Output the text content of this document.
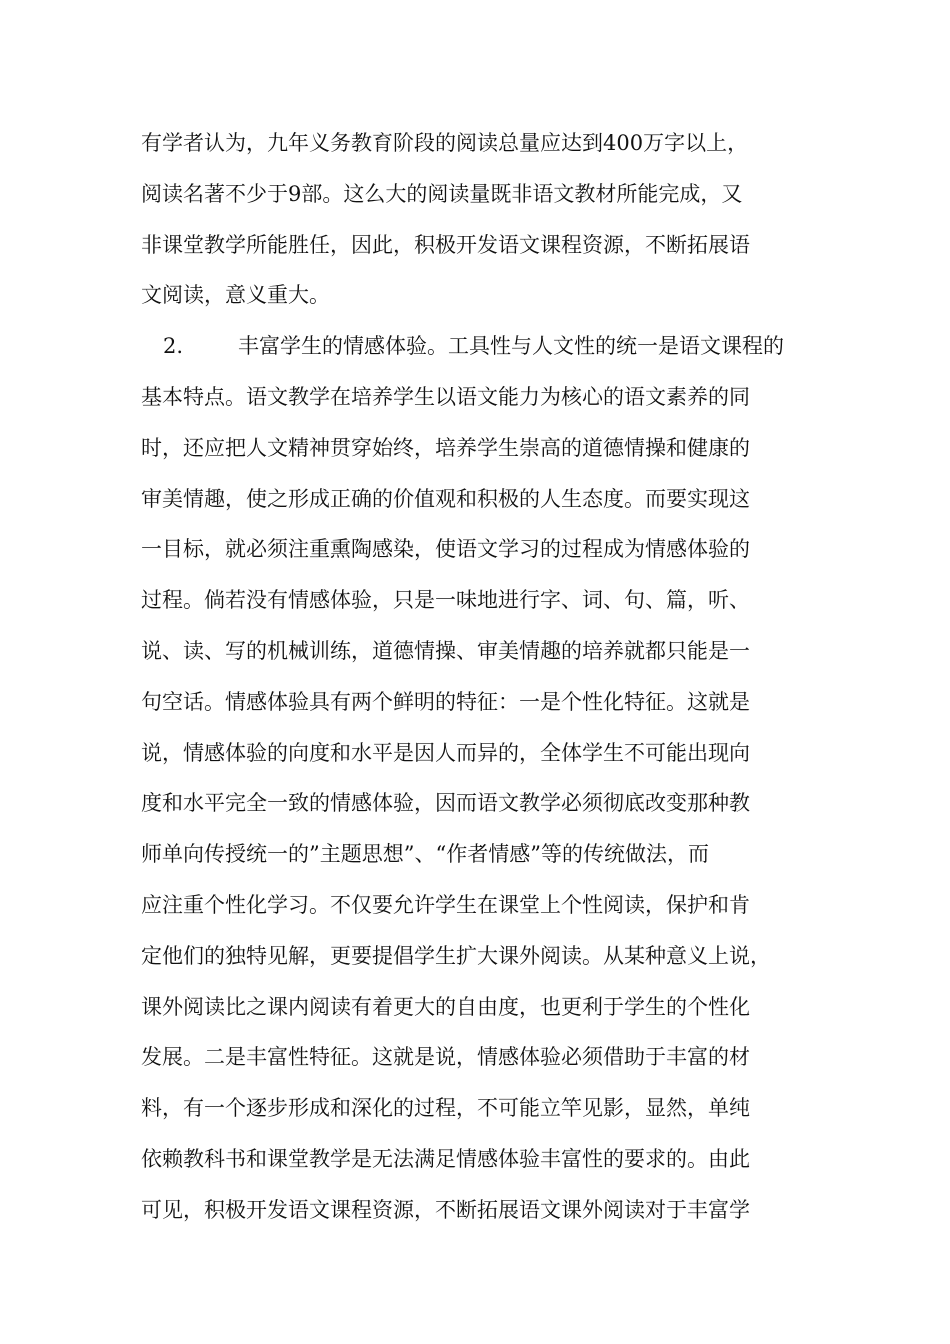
有学者认为，九年义务教育阶段的阅读总量应达到400万字以上，
阅读名著不少于9部。这么大的阅读量既非语文教材所能完成，又
非课堂教学所能胜任，因此，积极开发语文课程资源，不断拓展语
文阅读，意义重大。
2.	丰富学生的情感体验。工具性与人文性的统一是语文课程的
基本特点。语文教学在培养学生以语文能力为核心的语文素养的同
时，还应把人文精神贯穿始终，培养学生崇高的道德情操和健康的
审美情趣，使之形成正确的价值观和积极的人生态度。而要实现这
一目标，就必须注重熏陶感染，使语文学习的过程成为情感体验的
过程。倘若没有情感体验，只是一味地进行字、词、句、篇，听、
说、读、写的机械训练，道德情操、审美情趣的培养就都只能是一
句空话。情感体验具有两个鲜明的特征：一是个性化特征。这就是
说，情感体验的向度和水平是因人而异的，全体学生不可能出现向
度和水平完全一致的情感体验，因而语文教学必须彻底改变那种教
师单向传授统一的”主题思想”、“作者情感”等的传统做法，而
应注重个性化学习。不仅要允许学生在课堂上个性阅读，保护和肯
定他们的独特见解，更要提倡学生扩大课外阅读。从某种意义上说，
课外阅读比之课内阅读有着更大的自由度，也更利于学生的个性化
发展。二是丰富性特征。这就是说，情感体验必须借助于丰富的材
料，有一个逐步形成和深化的过程，不可能立竿见影，显然，单纯
依赖教科书和课堂教学是无法满足情感体验丰富性的要求的。由此
可见，积极开发语文课程资源，不断拓展语文课外阅读对于丰富学
